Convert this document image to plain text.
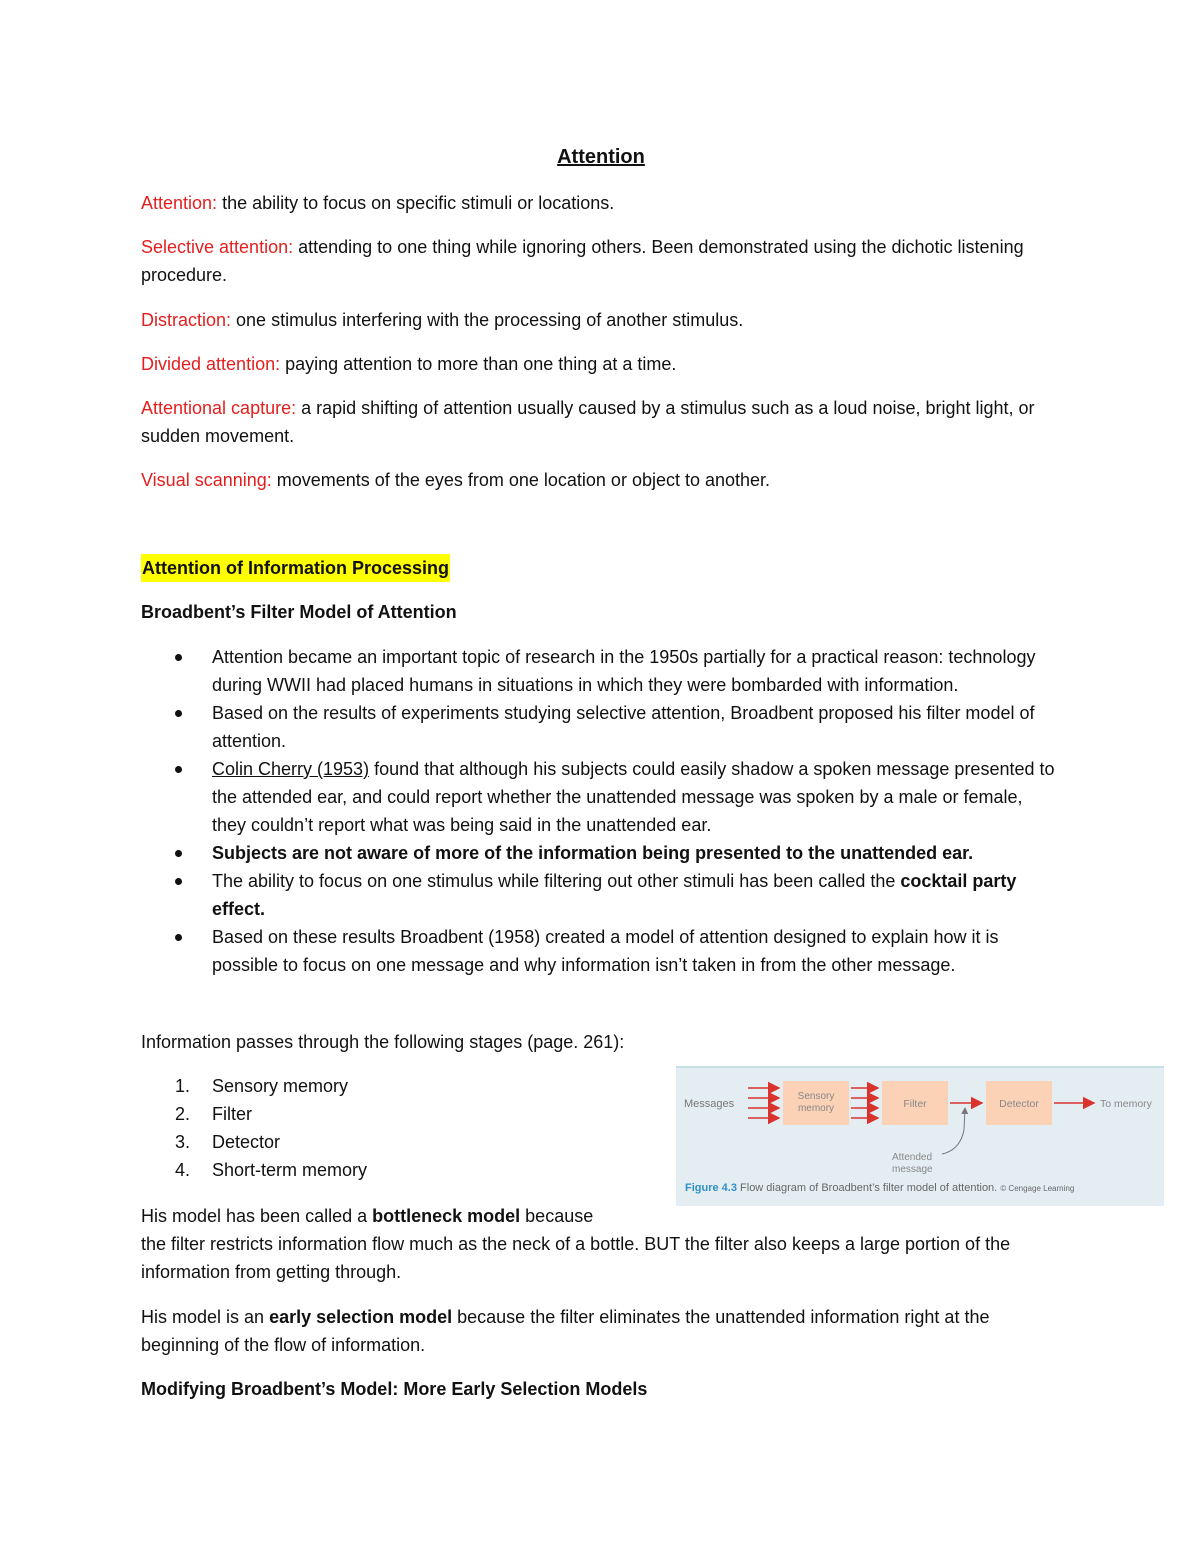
Attention

Attention: the ability to focus on specific stimuli or locations.

Selective attention: attending to one thing while ignoring others. Been demonstrated using the dichotic listening procedure.

Distraction: one stimulus interfering with the processing of another stimulus.

Divided attention: paying attention to more than one thing at a time.

Attentional capture: a rapid shifting of attention usually caused by a stimulus such as a loud noise, bright light, or sudden movement.

Visual scanning: movements of the eyes from one location or object to another.

Attention of Information Processing
Broadbent’s Filter Model of Attention
Attention became an important topic of research in the 1950s partially for a practical reason: technology during WWII had placed humans in situations in which they were bombarded with information.
Based on the results of experiments studying selective attention, Broadbent proposed his filter model of attention.
Colin Cherry (1953) found that although his subjects could easily shadow a spoken message presented to the attended ear, and could report whether the unattended message was spoken by a male or female, they couldn’t report what was being said in the unattended ear.
Subjects are not aware of more of the information being presented to the unattended ear.
The ability to focus on one stimulus while filtering out other stimuli has been called the cocktail party effect.
Based on these results Broadbent (1958) created a model of attention designed to explain how it is possible to focus on one message and why information isn’t taken in from the other message.

Information passes through the following stages (page. 261):

1. Sensory memory
2. Filter
3. Detector
4. Short-term memory

His model has been called a bottleneck model because

the filter restricts information flow much as the neck of a bottle. BUT the filter also keeps a large portion of the information from getting through.

His model is an early selection model because the filter eliminates the unattended information right at the beginning of the flow of information.

Modifying Broadbent’s Model: More Early Selection Models
Messages
Sensory
memory	Filter	Detector	To memory
Attended
message
Figure 4.3 Flow diagram of Broadbent’s filter model of attention. © Cengage Learning
